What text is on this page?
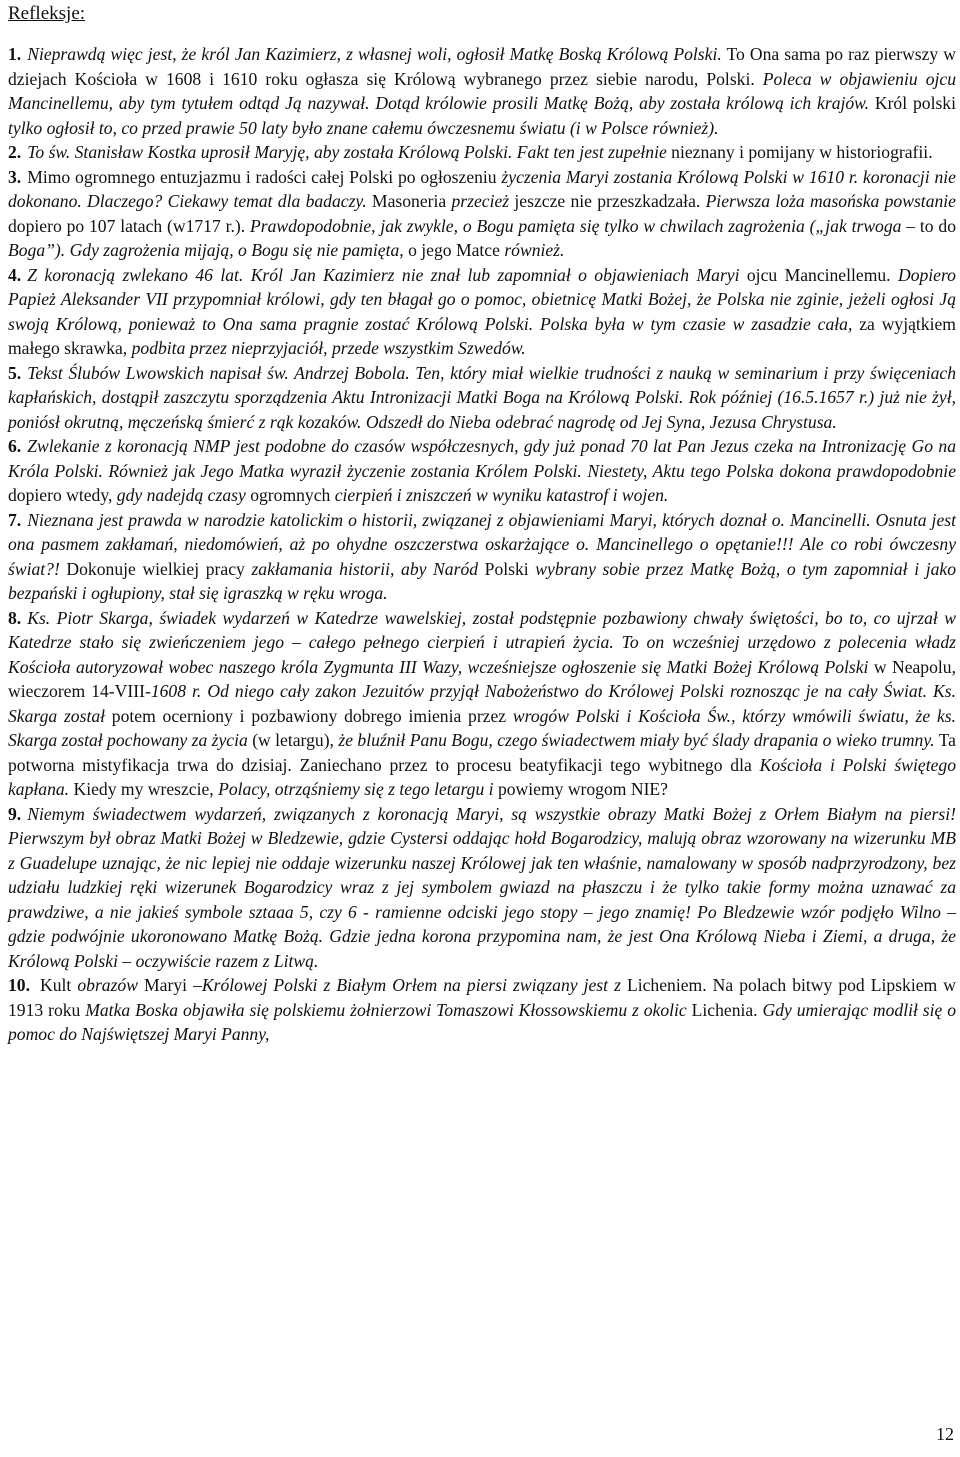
Refleksje:

1. Nieprawdą więc jest, że król Jan Kazimierz, z własnej woli, ogłosił Matkę Boską Królową Polski. To Ona sama po raz pierwszy w dziejach Kościoła w 1608 i 1610 roku ogłasza się Królową wybranego przez siebie narodu, Polski. Poleca w objawieniu ojcu Mancinellemu, aby tym tytułem odtąd Ją nazywał. Dotąd królowie prosili Matkę Bożą, aby została królową ich krajów. Król polski tylko ogłosił to, co przed prawie 50 laty było znane całemu ówczesnemu światu (i w Polsce również).

2. To św. Stanisław Kostka uprosił Maryję, aby została Królową Polski. Fakt ten jest zupełnie nieznany i pomijany w historiografii.

3. Mimo ogromnego entuzjazmu i radości całej Polski po ogłoszeniu życzenia Maryi zostania Królową Polski w 1610 r. koronacji nie dokonano. Dlaczego? Ciekawy temat dla badaczy. Masoneria przecież jeszcze nie przeszkadzała. Pierwsza loża masońska powstanie dopiero po 107 latach (w1717 r.). Prawdopodobnie, jak zwykle, o Bogu pamięta się tylko w chwilach zagrożenia („jak trwoga – to do Boga”). Gdy zagrożenia mijają, o Bogu się nie pamięta, o jego Matce również.

4. Z koronacją zwlekano 46 lat. Król Jan Kazimierz nie znał lub zapomniał o objawieniach Maryi ojcu Mancinellemu. Dopiero Papież Aleksander VII przypomniał królowi, gdy ten błagał go o pomoc, obietnicę Matki Bożej, że Polska nie zginie, jeżeli ogłosi Ją swoją Królową, ponieważ to Ona sama pragnie zostać Królową Polski. Polska była w tym czasie w zasadzie cała, za wyjątkiem małego skrawka, podbita przez nieprzyjaciół, przede wszystkim Szwedów.

5. Tekst Ślubów Lwowskich napisał św. Andrzej Bobola. Ten, który miał wielkie trudności z nauką w seminarium i przy święceniach kapłańskich, dostąpił zaszczytu sporządzenia Aktu Intronizacji Matki Boga na Królową Polski. Rok później (16.5.1657 r.) już nie żył, poniósł okrutną, męczeńską śmierć z rąk kozaków. Odszedł do Nieba odebrać nagrodę od Jej Syna, Jezusa Chrystusa.

6. Zwlekanie z koronacją NMP jest podobne do czasów współczesnych, gdy już ponad 70 lat Pan Jezus czeka na Intronizację Go na Króla Polski. Również jak Jego Matka wyraził życzenie zostania Królem Polski. Niestety, Aktu tego Polska dokona prawdopodobnie dopiero wtedy, gdy nadejdą czasy ogromnych cierpień i zniszczeń w wyniku katastrof i wojen.

7. Nieznana jest prawda w narodzie katolickim o historii, związanej z objawieniami Maryi, których doznał o. Mancinelli. Osnuta jest ona pasmem zakłamań, niedomówień, aż po ohydne oszczerstwa oskarżające o. Mancinellego o opętanie!!! Ale co robi ówczesny świat?! Dokonuje wielkiej pracy zakłamania historii, aby Naród Polski wybrany sobie przez Matkę Bożą, o tym zapomniał i jako bezpański i ogłupiony, stał się igraszką w ręku wroga.

8. Ks. Piotr Skarga, świadek wydarzeń w Katedrze wawelskiej, został podstępnie pozbawiony chwały świętości, bo to, co ujrzał w Katedrze stało się zwieńczeniem jego – całego pełnego cierpień i utrapień życia. To on wcześniej urzędowo z polecenia władz Kościoła autoryzował wobec naszego króla Zygmunta III Wazy, wcześniejsze ogłoszenie się Matki Bożej Królową Polski w Neapolu, wieczorem 14-VIII-1608 r. Od niego cały zakon Jezuitów przyjął Nabożeństwo do Królowej Polski roznosząc je na cały Świat. Ks. Skarga został potem ocerniony i pozbawiony dobrego imienia przez wrogów Polski i Kościoła Św., którzy wmówili światu, że ks. Skarga został pochowany za życia (w letargu), że bluźnił Panu Bogu, czego świadectwem miały być ślady drapania o wieko trumny. Ta potworna mistyfikacja trwa do dzisiaj. Zaniechano przez to procesu beatyfikacji tego wybitnego dla Kościoła i Polski świętego kapłana. Kiedy my wreszcie, Polacy, otrząśniemy się z tego letargu i powiemy wrogom NIE?

9. Niemym świadectwem wydarzeń, związanych z koronacją Maryi, są wszystkie obrazy Matki Bożej z Orłem Białym na piersi! Pierwszym był obraz Matki Bożej w Bledzewie, gdzie Cystersi oddając hołd Bogarodzicy, malują obraz wzorowany na wizerunku MB z Guadelupe uznając, że nic lepiej nie oddaje wizerunku naszej Królowej jak ten właśnie, namalowany w sposób nadprzyrodzony, bez udziału ludzkiej ręki wizerunek Bogarodzicy wraz z jej symbolem gwiazd na płaszczu i że tylko takie formy można uznawać za prawdziwe, a nie jakieś symbole sztaaa 5, czy 6 - ramienne odciski jego stopy – jego znamię! Po Bledzewie wzór podjęło Wilno – gdzie podwójnie ukoronowano Matkę Bożą. Gdzie jedna korona przypomina nam, że jest Ona Królową Nieba i Ziemi, a druga, że Królową Polski – oczywiście razem z Litwą.

10. Kult obrazów Maryi –Królowej Polski z Białym Orłem na piersi związany jest z Licheniem. Na polach bitwy pod Lipskiem w 1913 roku Matka Boska objawiła się polskiemu żołnierzowi Tomaszowi Kłossowskiemu z okolic Lichenia. Gdy umierając modlił się o pomoc do Najświętszej Maryi Panny,

12
